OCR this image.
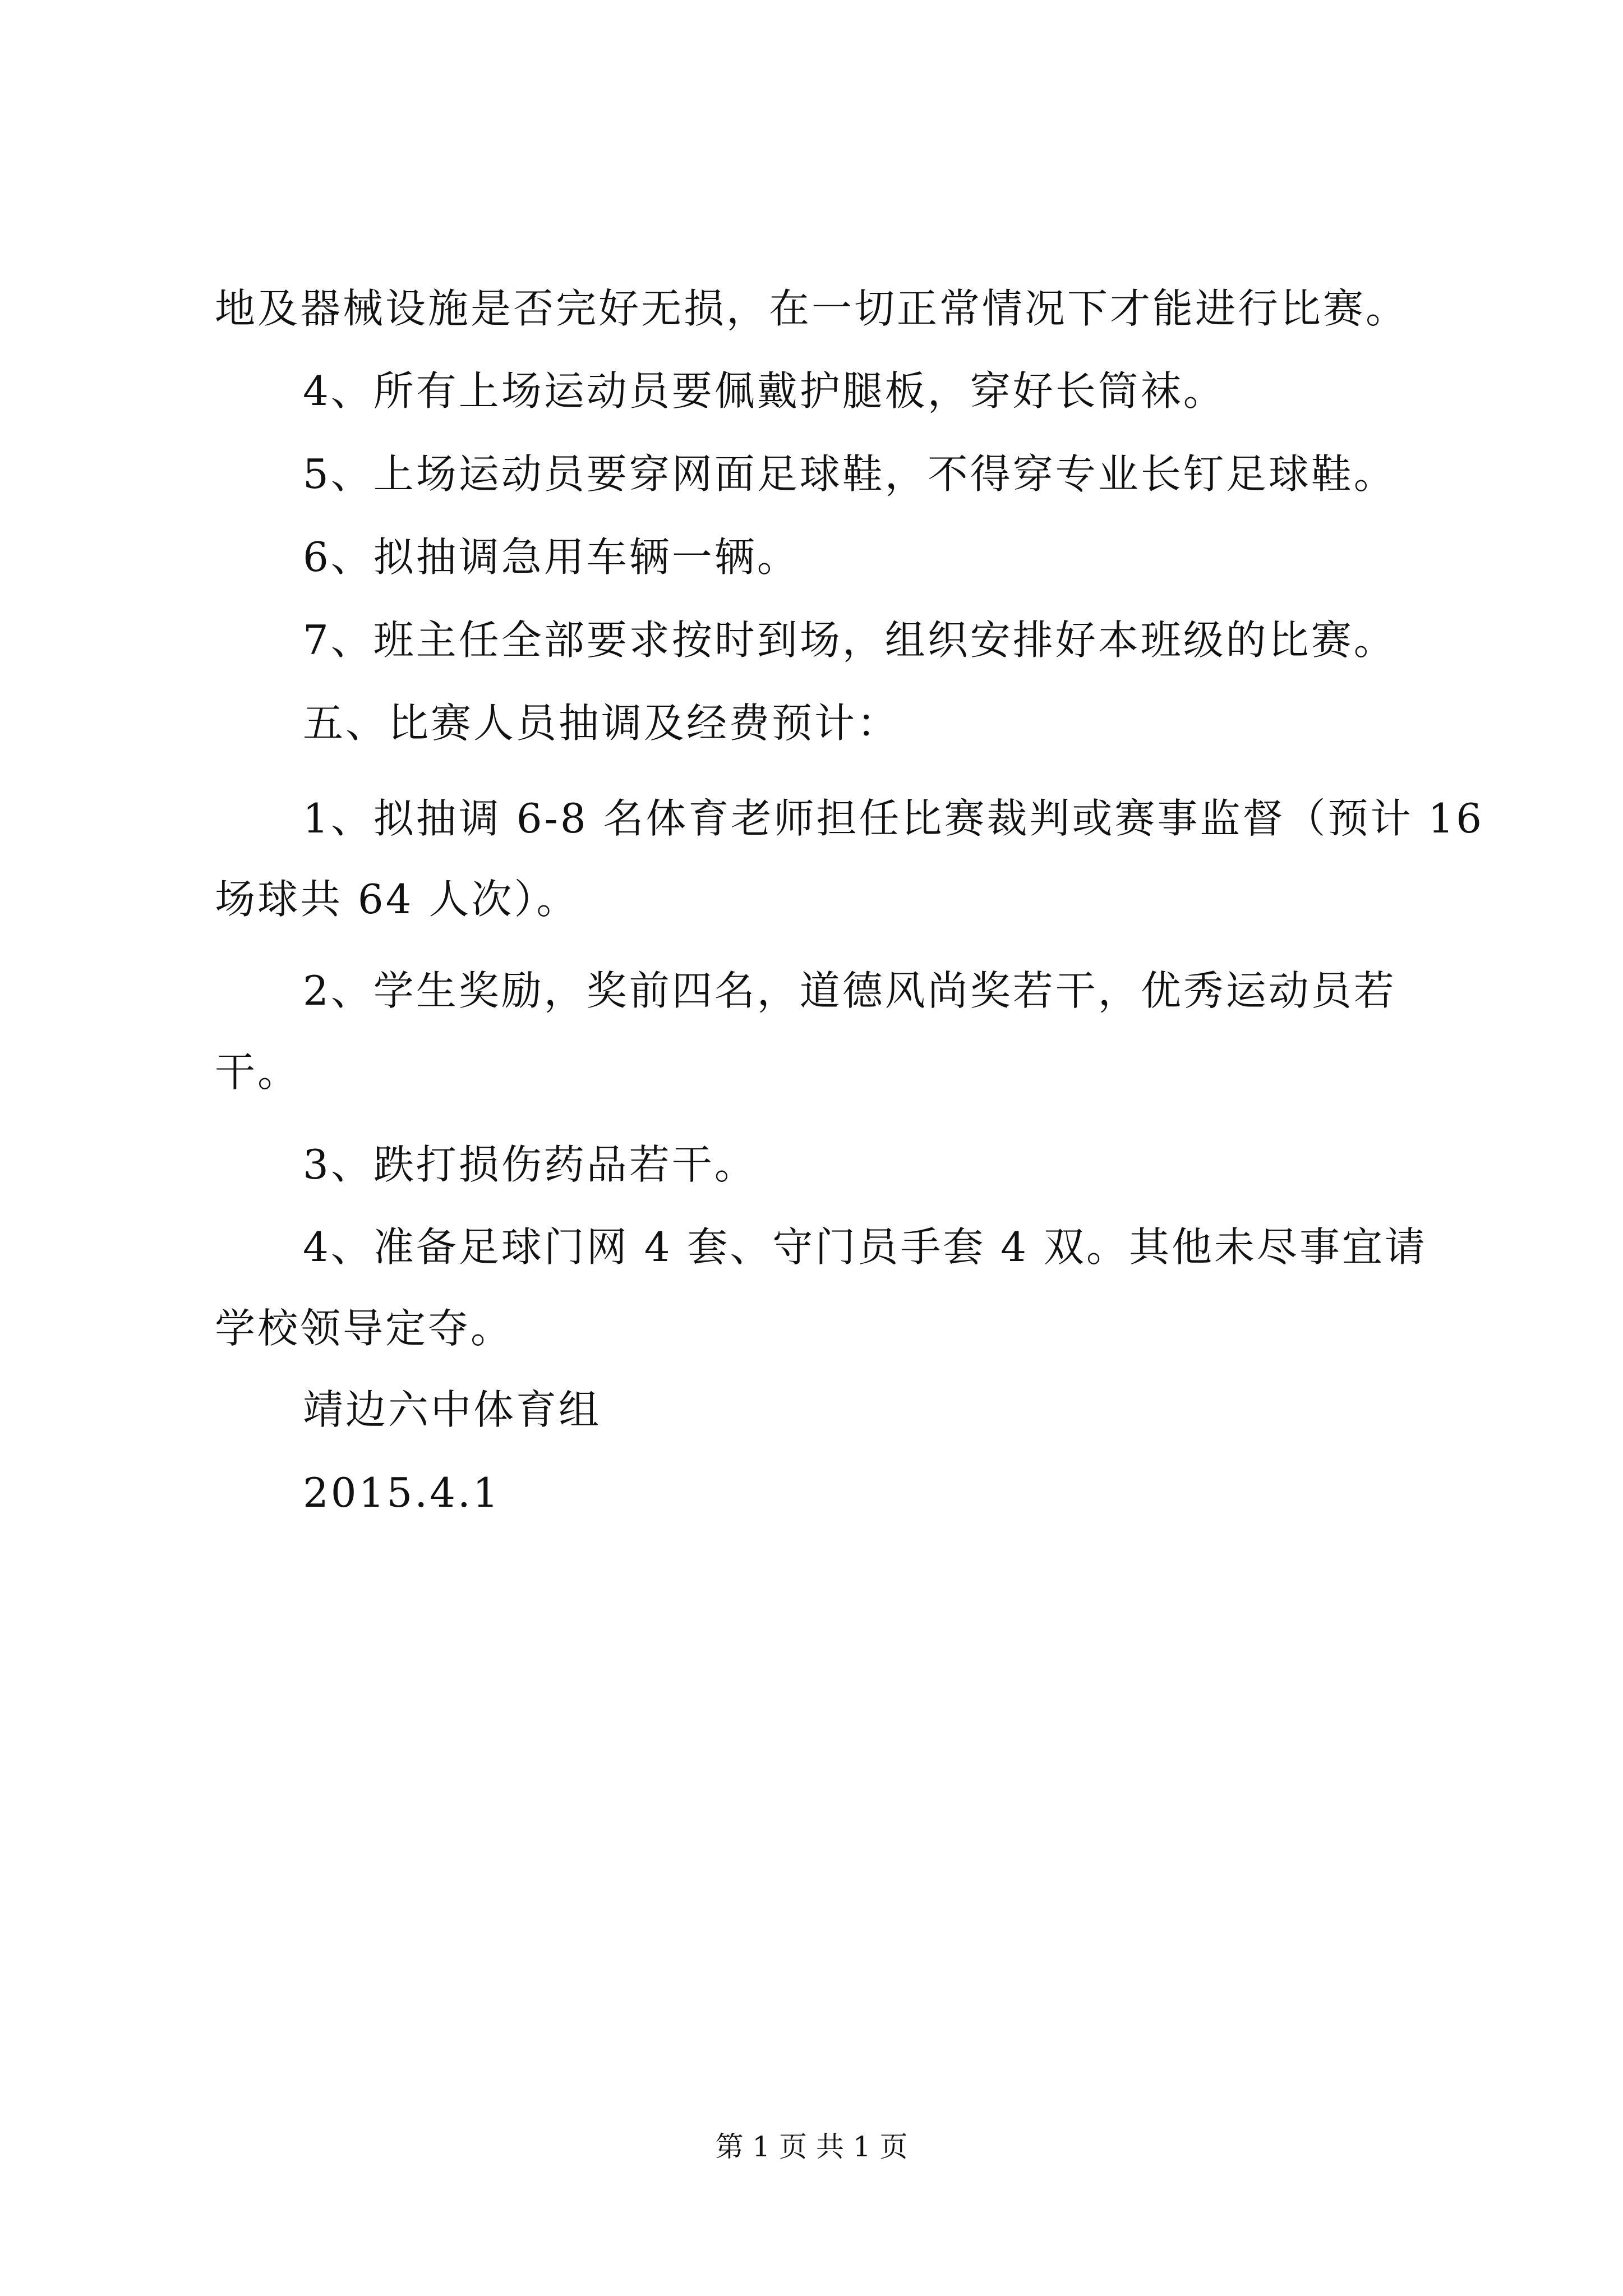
地及器械设施是否完好无损，在一切正常情况下才能进行比赛。
4、所有上场运动员要佩戴护腿板，穿好长筒袜。
5、上场运动员要穿网面足球鞋，不得穿专业长钉足球鞋。
6、拟抽调急用车辆一辆。
7、班主任全部要求按时到场，组织安排好本班级的比赛。
五、比赛人员抽调及经费预计：
1、拟抽调 6-8 名体育老师担任比赛裁判或赛事监督（预计 16
场球共 64 人次）。
2、学生奖励，奖前四名，道德风尚奖若干，优秀运动员若
干。
3、跌打损伤药品若干。
4、准备足球门网 4 套、守门员手套 4 双。其他未尽事宜请
学校领导定夺。
靖边六中体育组
2015.4.1
第 1 页 共 1 页
